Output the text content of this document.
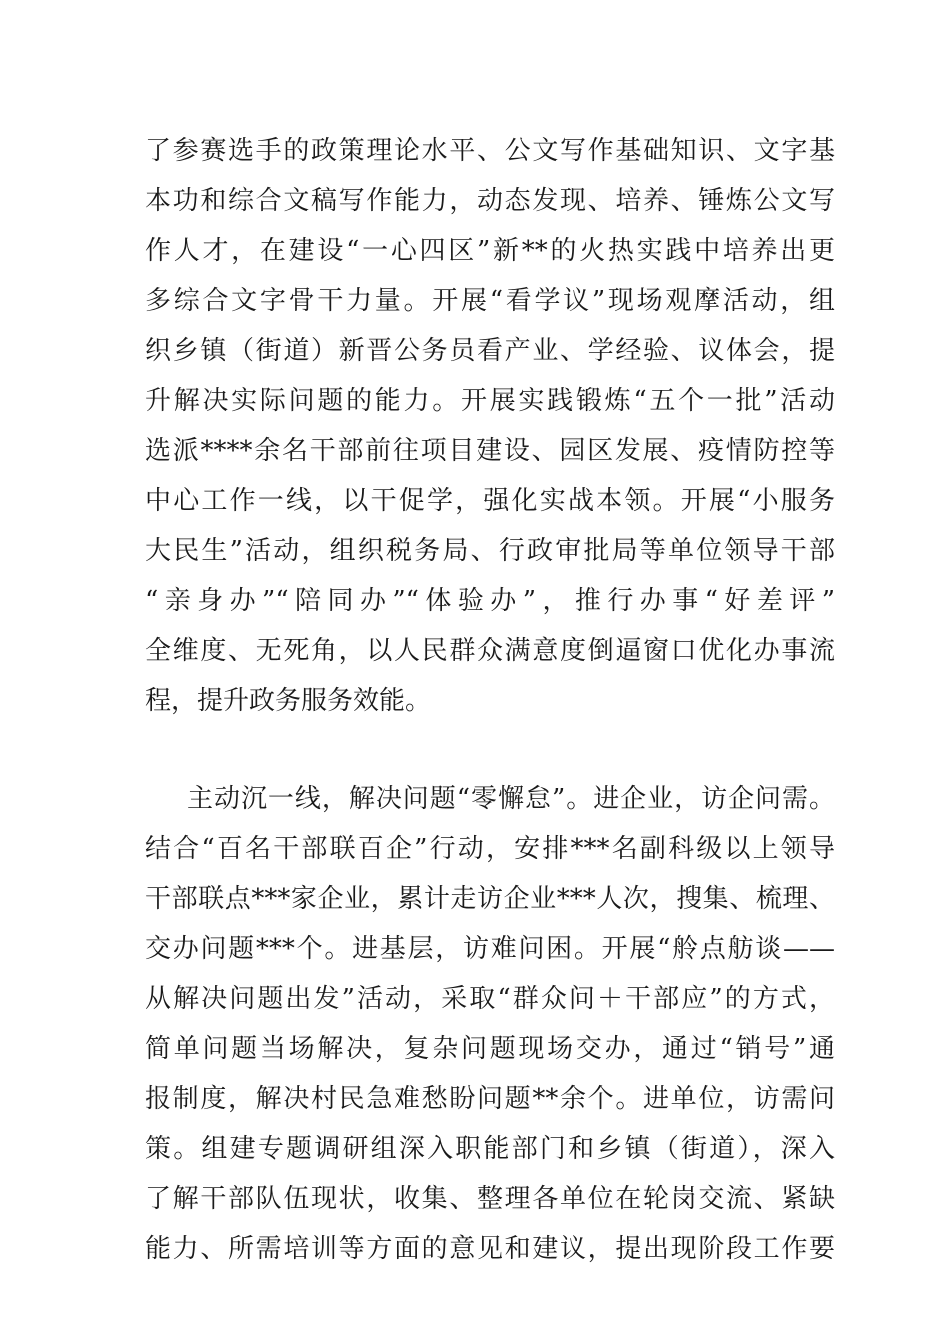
了参赛选手的政策理论水平、公文写作基础知识、文字基
本功和综合文稿写作能力，动态发现、培养、锤炼公文写
作人才，在建设“一心四区”新**的火热实践中培养出更
多综合文字骨干力量。开展“看学议”现场观摩活动，组
织乡镇（街道）新晋公务员看产业、学经验、议体会，提
升解决实际问题的能力。开展实践锻炼“五个一批”活动
选派****余名干部前往项目建设、园区发展、疫情防控等
中心工作一线，以干促学，强化实战本领。开展“小服务
大民生”活动，组织税务局、行政审批局等单位领导干部
“亲身办”“陪同办”“体验办”，推行办事“好差评”
全维度、无死角，以人民群众满意度倒逼窗口优化办事流
程，提升政务服务效能。
主动沉一线，解决问题“零懈怠”。进企业，访企问需。
结合“百名干部联百企”行动，安排***名副科级以上领导
干部联点***家企业，累计走访企业***人次，搜集、梳理、
交办问题***个。进基层，访难问困。开展“舲点舫谈——
从解决问题出发”活动，采取“群众问＋干部应”的方式，
简单问题当场解决，复杂问题现场交办，通过“销号”通
报制度，解决村民急难愁盼问题**余个。进单位，访需问
策。组建专题调研组深入职能部门和乡镇（街道），深入
了解干部队伍现状，收集、整理各单位在轮岗交流、紧缺
能力、所需培训等方面的意见和建议，提出现阶段工作要
